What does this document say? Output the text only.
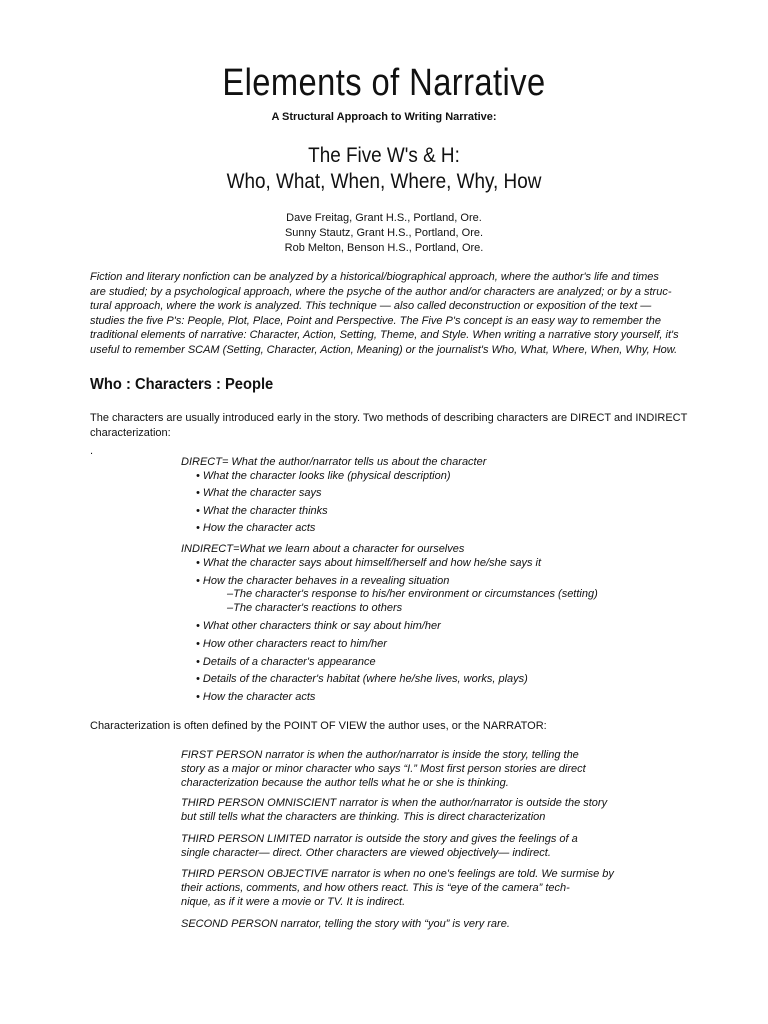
Elements of Narrative
A Structural Approach to Writing Narrative:
The Five W's & H:
Who, What, When, Where, Why, How
Dave Freitag, Grant H.S., Portland, Ore.
Sunny Stautz, Grant H.S., Portland, Ore.
Rob Melton, Benson H.S., Portland, Ore.
Fiction and literary nonfiction can be analyzed by a historical/biographical approach, where the author's life and times
are studied; by a psychological approach, where the psyche of the author and/or characters are analyzed; or by a struc-
tural approach, where the work is analyzed. This technique — also called deconstruction or exposition of the text —
studies the five P's: People, Plot, Place, Point and Perspective. The Five P's concept is an easy way to remember the
traditional elements of narrative: Character, Action, Setting, Theme, and Style. When writing a narrative story yourself, it's
useful to remember SCAM (Setting, Character, Action, Meaning) or the journalist's Who, What, Where, When, Why, How.
Who : Characters : People
The characters are usually introduced early in the story. Two methods of describing characters are DIRECT and INDIRECT
characterization:
.
DIRECT= What the author/narrator tells us about the character
• What the character looks like (physical description)
• What the character says
• What the character thinks
• How the character acts
INDIRECT=What we learn about a character for ourselves
• What the character says about himself/herself and how he/she says it
• How the character behaves in a revealing situation
–The character's response to his/her environment or circumstances (setting)
–The character's reactions to others
• What other characters think or say about him/her
• How other characters react to him/her
• Details of a character's appearance
• Details of the character's habitat (where he/she lives, works, plays)
• How the character acts
Characterization is often defined by the POINT OF VIEW the author uses, or the NARRATOR:
FIRST PERSON narrator is when the author/narrator is inside the story, telling the
story as a major or minor character who says “I.” Most first person stories are direct
characterization because the author tells what he or she is thinking.
THIRD PERSON OMNISCIENT narrator is when the author/narrator is outside the story
but still tells what the characters are thinking. This is direct characterization
THIRD PERSON LIMITED narrator is outside the story and gives the feelings of a
single character— direct. Other characters are viewed objectively— indirect.
THIRD PERSON OBJECTIVE narrator is when no one's feelings are told. We surmise by
their actions, comments, and how others react. This is “eye of the camera” tech-
nique, as if it were a movie or TV. It is indirect.
SECOND PERSON narrator, telling the story with “you” is very rare.
